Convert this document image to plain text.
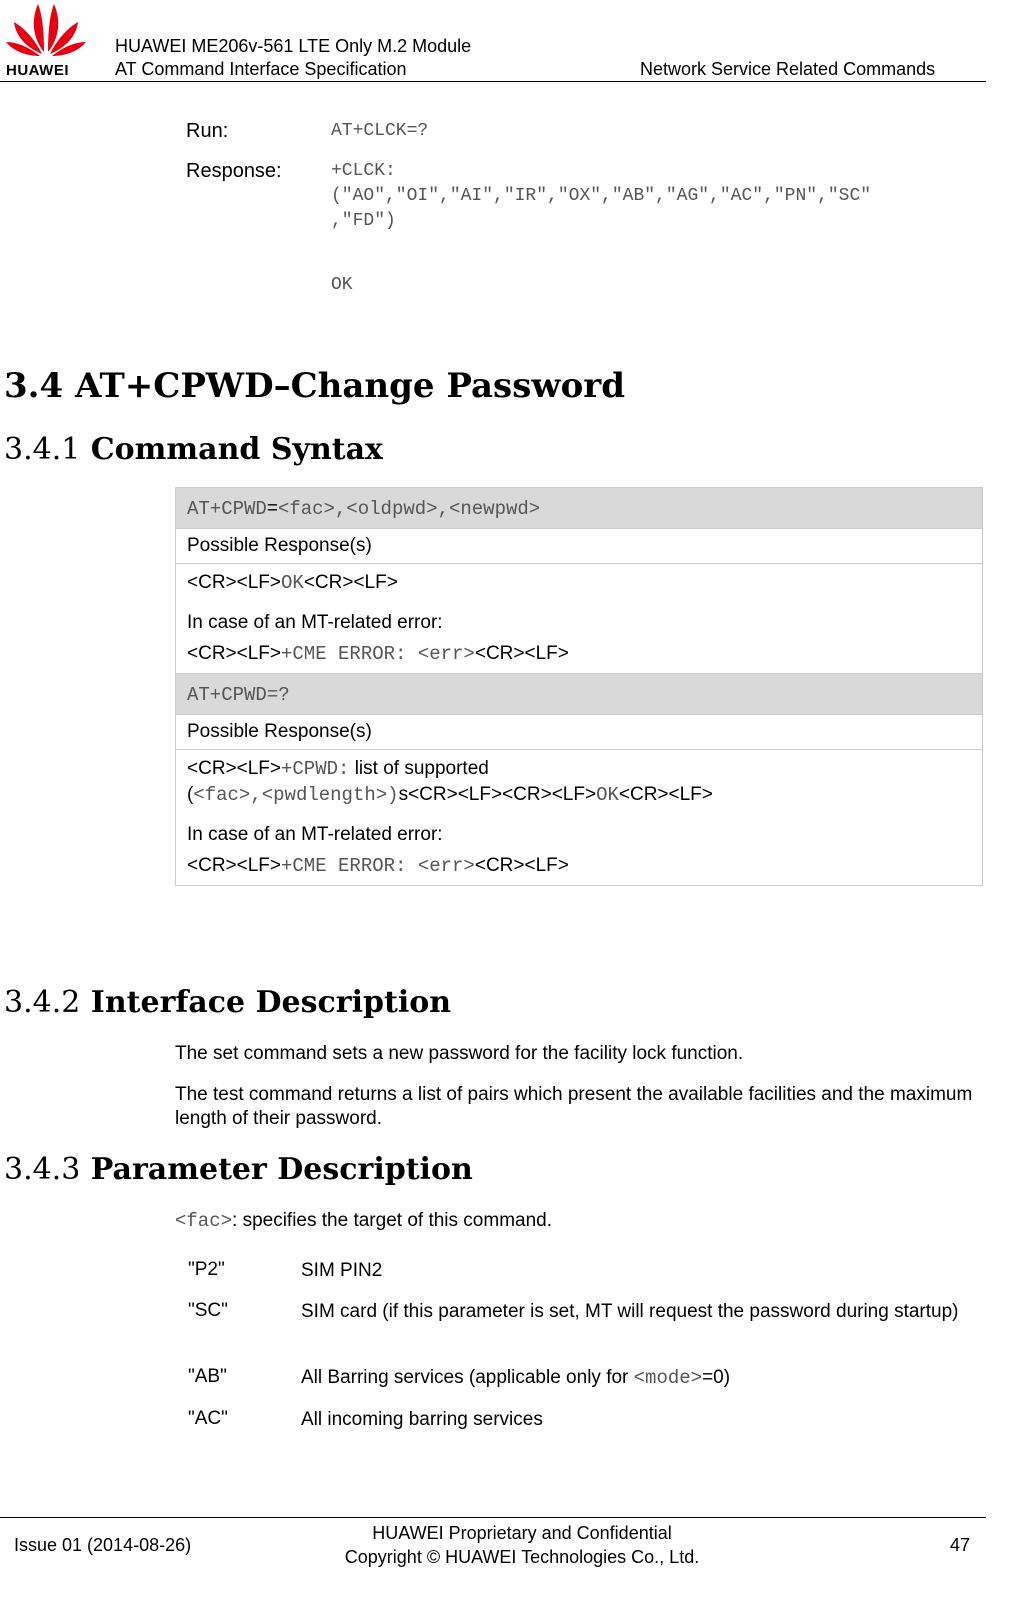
HUAWEI
HUAWEI ME206v-561 LTE Only M.2 Module
AT Command Interface Specification	Network Service Related Commands
Run:	AT+CLCK=?
Response:	+CLCK:
("AO","OI","AI","IR","OX","AB","AG","AC","PN","SC"
,"FD")
OK
3.4 AT+CPWD–Change Password
3.4.1 Command Syntax
AT+CPWD=<fac>,<oldpwd>,<newpwd>
Possible Response(s)

<CR><LF>OK<CR><LF>
In case of an MT-related error:
<CR><LF>+CME ERROR: <err><CR><LF>

AT+CPWD=?
Possible Response(s)

<CR><LF>+CPWD: list of supported
(<fac>,<pwdlength>)s<CR><LF><CR><LF>OK<CR><LF>
In case of an MT-related error:
<CR><LF>+CME ERROR: <err><CR><LF>
3.4.2 Interface Description
The set command sets a new password for the facility lock function.
The test command returns a list of pairs which present the available facilities and the maximum length of their password.
3.4.3 Parameter Description
<fac>: specifies the target of this command.
"P2"	SIM PIN2
"SC"	SIM card (if this parameter is set, MT will request the password during startup)
"AB"	All Barring services (applicable only for <mode>=0)
"AC"	All incoming barring services
Issue 01 (2014-08-26)
HUAWEI Proprietary and Confidential
Copyright © HUAWEI Technologies Co., Ltd.
47
